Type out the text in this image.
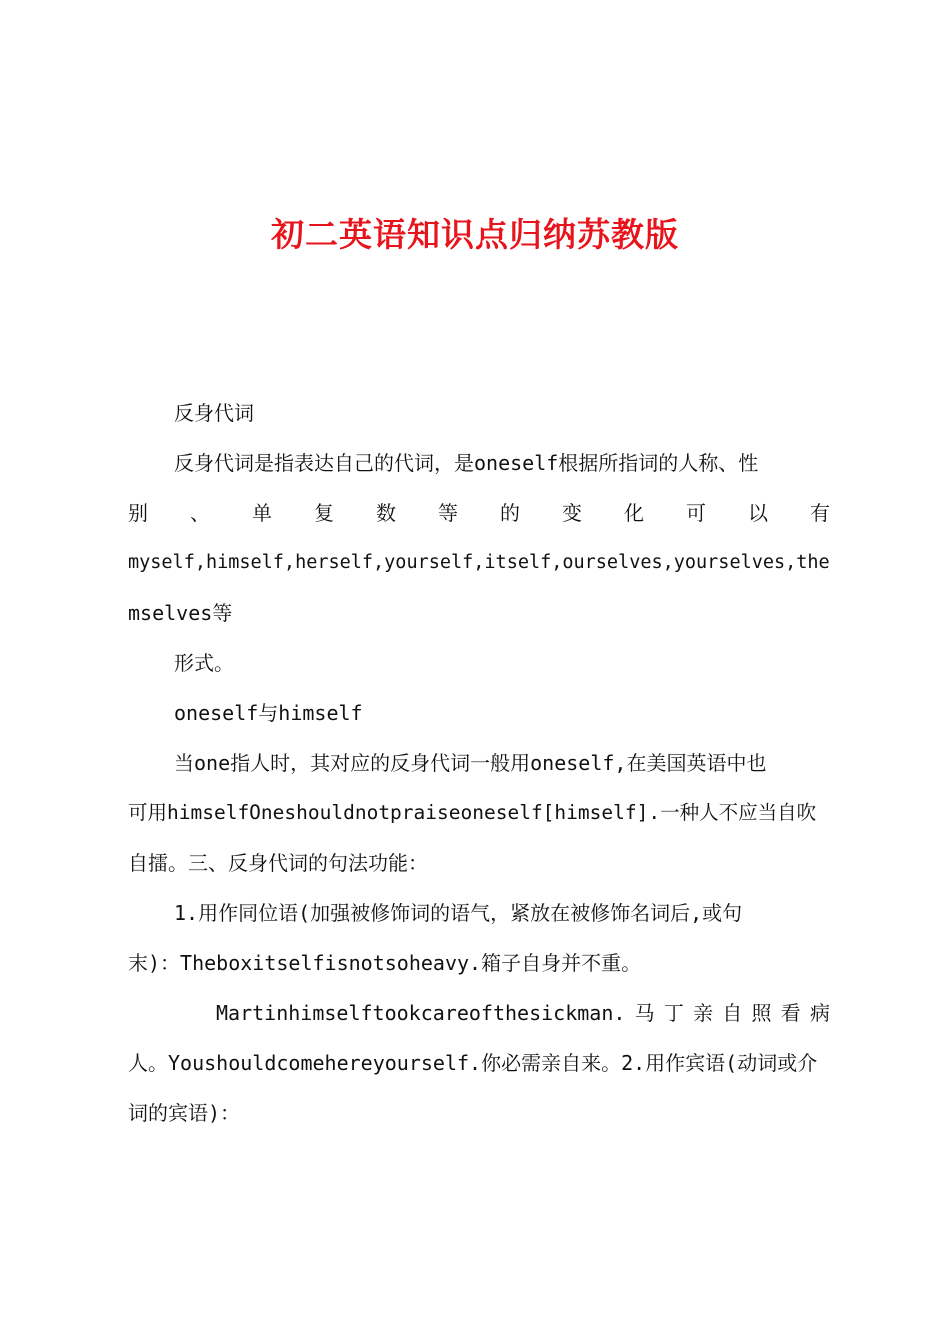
初二英语知识点归纳苏教版
反身代词
反身代词是指表达自己的代词，是oneself根据所指词的人称、性
别 、 单 复 数 等 的 变 化 可 以 有
myself,himself,herself,yourself,itself,ourselves,yourselves,the
mselves等
形式。
oneself与himself
当one指人时，其对应的反身代词一般用oneself,在美国英语中也
可用himselfOneshouldnotpraiseoneself[himself].一种人不应当自吹
自擂。三、反身代词的句法功能：
1.用作同位语(加强被修饰词的语气，紧放在被修饰名词后,或句
末)：Theboxitselfisnotsoheavy.箱子自身并不重。
Martinhimselftookcareofthesickman. 马 丁 亲 自 照 看 病
人。Youshouldcomehereyourself.你必需亲自来。2.用作宾语(动词或介
词的宾语)：
